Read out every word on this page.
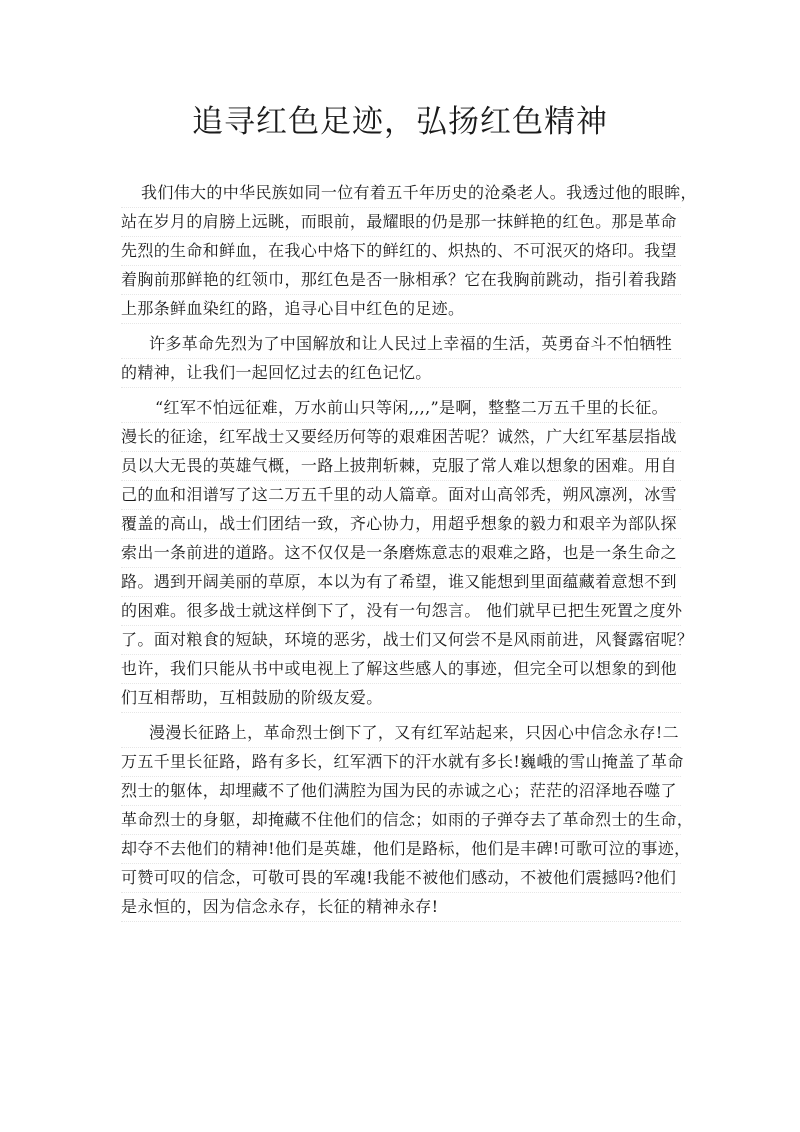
追寻红色足迹，弘扬红色精神

我们伟大的中华民族如同一位有着五千年历史的沧桑老人。我透过他的眼眸，
站在岁月的肩膀上远眺，而眼前，最耀眼的仍是那一抹鲜艳的红色。那是革命
先烈的生命和鲜血，在我心中烙下的鲜红的、炽热的、不可泯灭的烙印。我望
着胸前那鲜艳的红领巾，那红色是否一脉相承？它在我胸前跳动，指引着我踏
上那条鲜血染红的路，追寻心目中红色的足迹。

许多革命先烈为了中国解放和让人民过上幸福的生活，英勇奋斗不怕牺牲
的精神，让我们一起回忆过去的红色记忆。

“红军不怕远征难，万水前山只等闲,,,,”是啊，整整二万五千里的长征。
漫长的征途，红军战士又要经历何等的艰难困苦呢？诚然，广大红军基层指战
员以大无畏的英雄气概，一路上披荆斩棘，克服了常人难以想象的困难。用自
己的血和泪谱写了这二万五千里的动人篇章。面对山高邻秃，朔风凛冽，冰雪
覆盖的高山，战士们团结一致，齐心协力，用超乎想象的毅力和艰辛为部队探
索出一条前进的道路。这不仅仅是一条磨炼意志的艰难之路，也是一条生命之
路。遇到开阔美丽的草原，本以为有了希望，谁又能想到里面蕴藏着意想不到
的困难。很多战士就这样倒下了，没有一句怨言。 他们就早已把生死置之度外
了。面对粮食的短缺，环境的恶劣，战士们又何尝不是风雨前进，风餐露宿呢？
也许，我们只能从书中或电视上了解这些感人的事迹，但完全可以想象的到他
们互相帮助，互相鼓励的阶级友爱。

漫漫长征路上，革命烈士倒下了，又有红军站起来，只因心中信念永存!二
万五千里长征路，路有多长，红军洒下的汗水就有多长!巍峨的雪山掩盖了革命
烈士的躯体，却埋藏不了他们满腔为国为民的赤诚之心；茫茫的沼泽地吞噬了
革命烈士的身躯，却掩藏不住他们的信念；如雨的子弹夺去了革命烈士的生命，
却夺不去他们的精神!他们是英雄，他们是路标，他们是丰碑!可歌可泣的事迹，
可赞可叹的信念，可敬可畏的军魂!我能不被他们感动，不被他们震撼吗?他们
是永恒的，因为信念永存，长征的精神永存!
